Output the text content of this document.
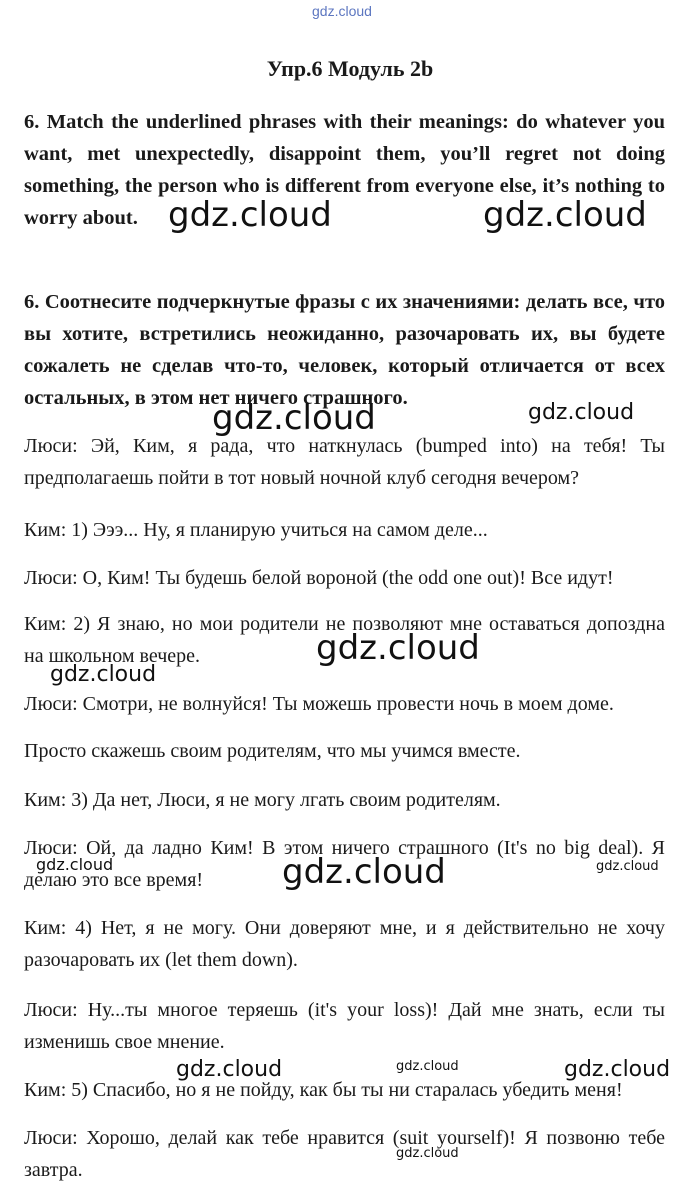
gdz.cloud
Упр.6 Модуль 2b
6. Match the underlined phrases with their meanings: do whatever you want, met unexpectedly, disappoint them, you’ll regret not doing something, the person who is different from everyone else, it’s nothing to worry about.
6. Соотнесите подчеркнутые фразы с их значениями: делать все, что вы хотите, встретились неожиданно, разочаровать их, вы будете сожалеть не сделав что-то, человек, который отличается от всех остальных, в этом нет ничего страшного.
Люси: Эй, Ким, я рада, что наткнулась (bumped into) на тебя! Ты предполагаешь пойти в тот новый ночной клуб сегодня вечером?
Ким: 1) Эээ... Ну, я планирую учиться на самом деле...
Люси: О, Ким! Ты будешь белой вороной (the odd one out)! Все идут!
Ким: 2) Я знаю, но мои родители не позволяют мне оставаться допоздна на школьном вечере.
Люси: Смотри, не волнуйся! Ты можешь провести ночь в моем доме.
Просто скажешь своим родителям, что мы учимся вместе.
Ким: 3) Да нет, Люси, я не могу лгать своим родителям.
Люси: Ой, да ладно Ким! В этом ничего страшного (It's no big deal). Я делаю это все время!
Ким: 4) Нет, я не могу. Они доверяют мне, и я действительно не хочу разочаровать их (let them down).
Люси: Ну...ты многое теряешь (it's your loss)! Дай мне знать, если ты изменишь свое мнение.
Ким: 5) Спасибо, но я не пойду, как бы ты ни старалась убедить меня!
Люси: Хорошо, делай как тебе нравится (suit yourself)! Я позвоню тебе завтра.
gdz.cloud	gdz.cloud
gdz.cloud	gdz.cloud
gdz.cloud
gdz.cloud
gdz.cloud
gdz.cloud	gdz.cloud
gdz.cloud	gdz.cloud	gdz.cloud
gdz.cloud
